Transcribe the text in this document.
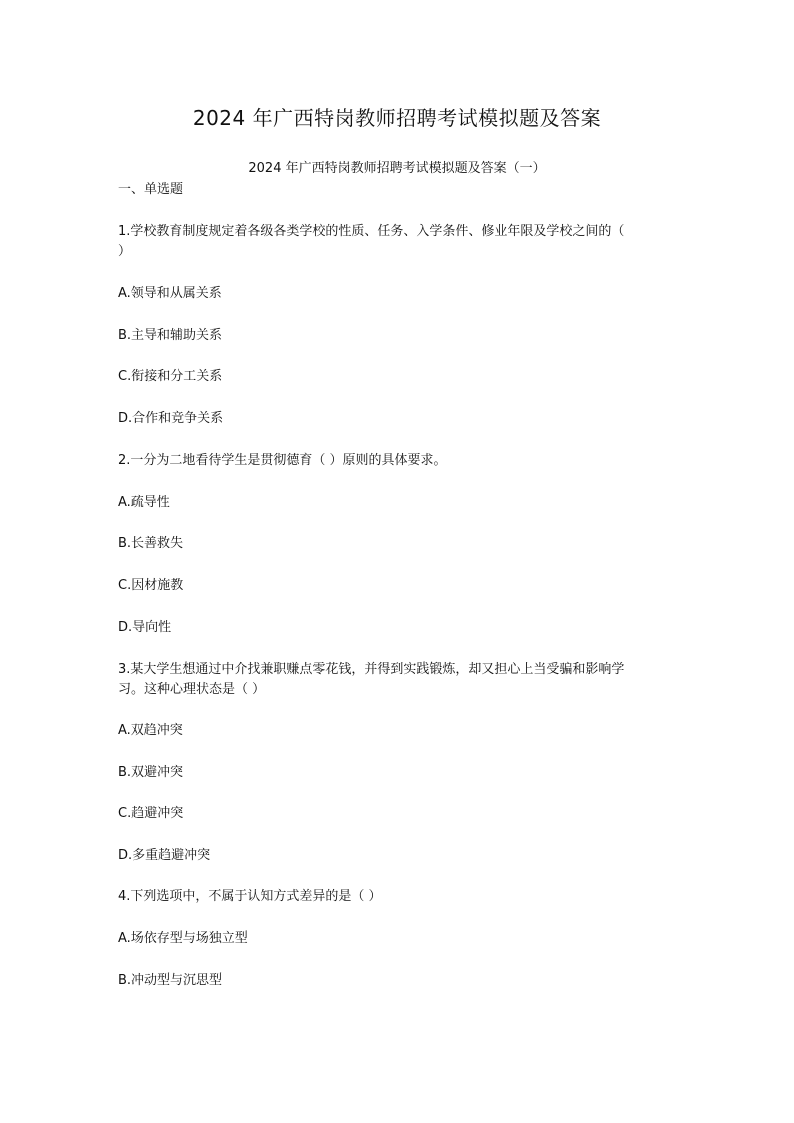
2024 年广西特岗教师招聘考试模拟题及答案
2024 年广西特岗教师招聘考试模拟题及答案（一）
一、单选题
1.学校教育制度规定着各级各类学校的性质、任务、入学条件、修业年限及学校之间的（
）
A.领导和从属关系
B.主导和辅助关系
C.衔接和分工关系
D.合作和竞争关系
2.一分为二地看待学生是贯彻德育（ ）原则的具体要求。
A.疏导性
B.长善救失
C.因材施教
D.导向性
3.某大学生想通过中介找兼职赚点零花钱，并得到实践锻炼，却又担心上当受骗和影响学
习。这种心理状态是（ ）
A.双趋冲突
B.双避冲突
C.趋避冲突
D.多重趋避冲突
4.下列选项中，不属于认知方式差异的是（ ）
A.场依存型与场独立型
B.冲动型与沉思型
